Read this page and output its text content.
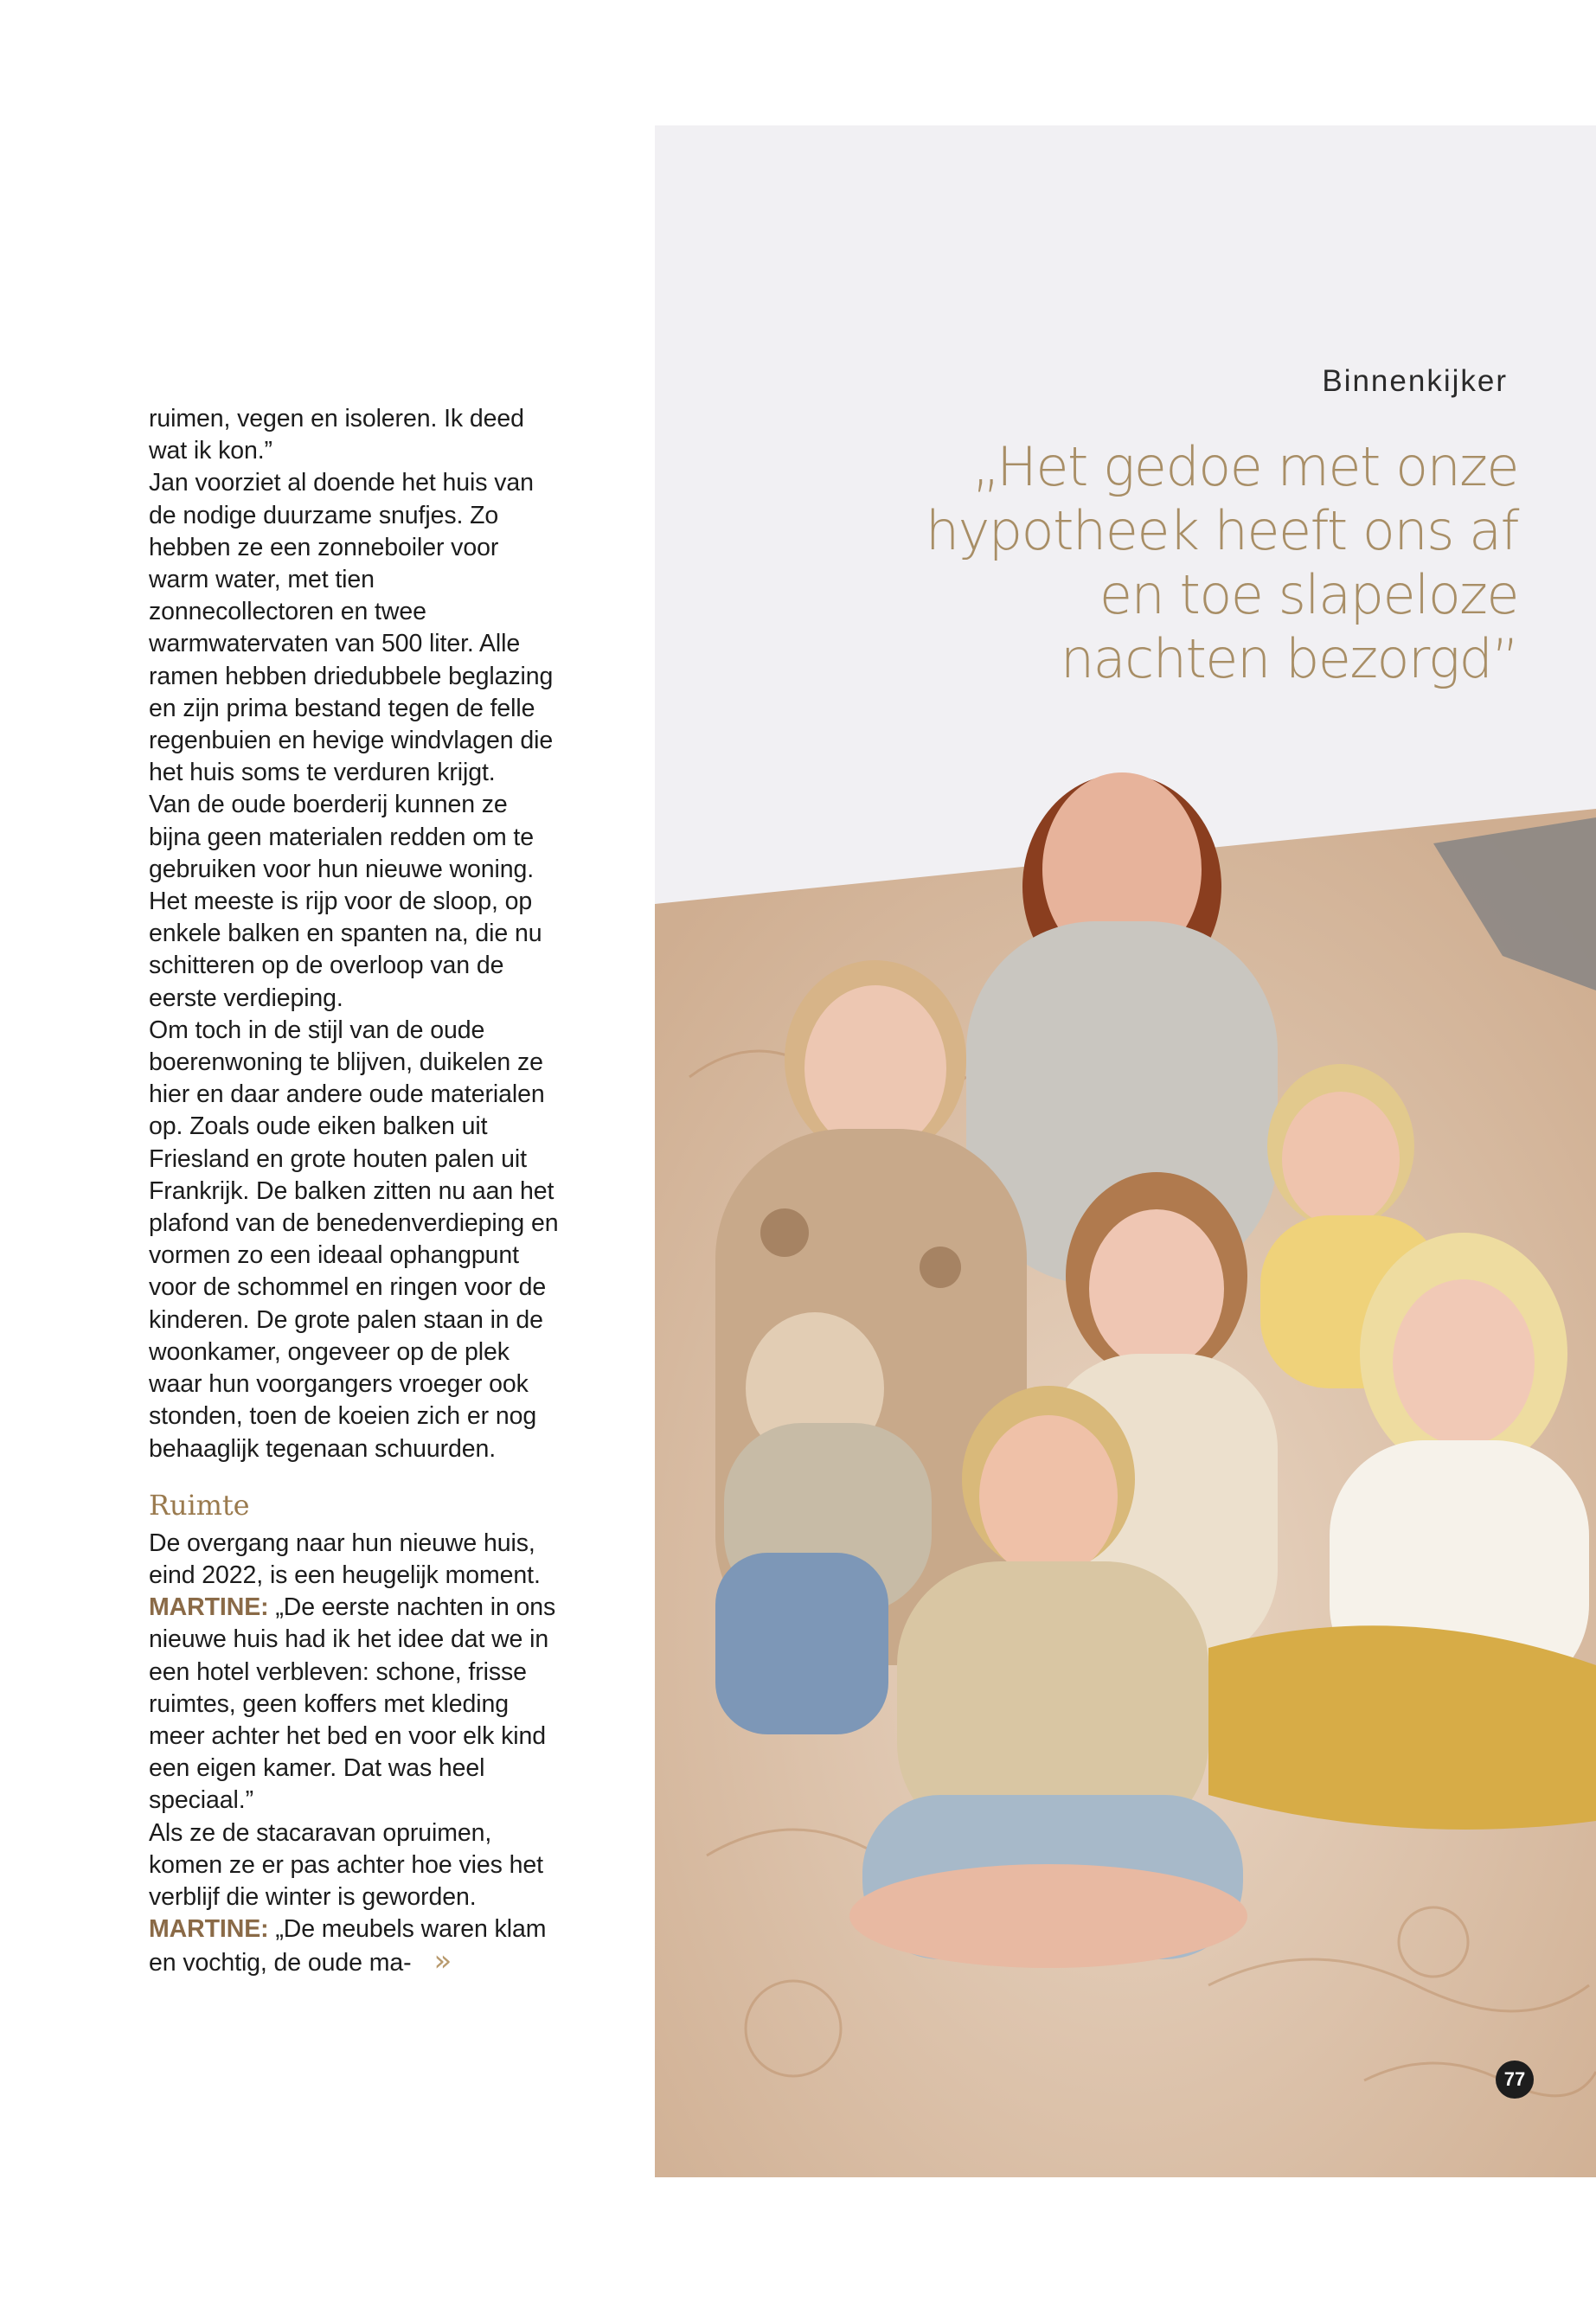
ruimen, vegen en isoleren. Ik deed wat ik kon.”

Jan voorziet al doende het huis van de nodige duurzame snufjes. Zo hebben ze een zonneboiler voor warm water, met tien zonnecollectoren en twee warmwatervaten van 500 liter. Alle ramen hebben driedubbele beglazing en zijn prima bestand tegen de felle regenbuien en hevige windvlagen die het huis soms te verduren krijgt.

Van de oude boerderij kunnen ze bijna geen materialen redden om te gebruiken voor hun nieuwe woning. Het meeste is rijp voor de sloop, op enkele balken en spanten na, die nu schitteren op de overloop van de eerste verdieping.

Om toch in de stijl van de oude boerenwoning te blijven, duikelen ze hier en daar andere oude materialen op. Zoals oude eiken balken uit Friesland en grote houten palen uit Frankrijk. De balken zitten nu aan het plafond van de benedenverdieping en vormen zo een ideaal ophangpunt voor de schommel en ringen voor de kinderen. De grote palen staan in de woonkamer, ongeveer op de plek waar hun voorgangers vroeger ook stonden, toen de koeien zich er nog behaaglijk tegenaan schuurden.

Ruimte

De overgang naar hun nieuwe huis, eind 2022, is een heugelijk moment. MARTINE: „De eerste nachten in ons nieuwe huis had ik het idee dat we in een hotel verbleven: schone, frisse ruimtes, geen koffers met kleding meer achter het bed en voor elk kind een eigen kamer. Dat was heel speciaal.”

Als ze de stacaravan opruimen, komen ze er pas achter hoe vies het verblijf die winter is geworden.

MARTINE: „De meubels waren klam en vochtig, de oude ma- »

Binnenkijker
„Het gedoe met onze hypotheek heeft ons af en toe slapeloze nachten bezorgd”
77
